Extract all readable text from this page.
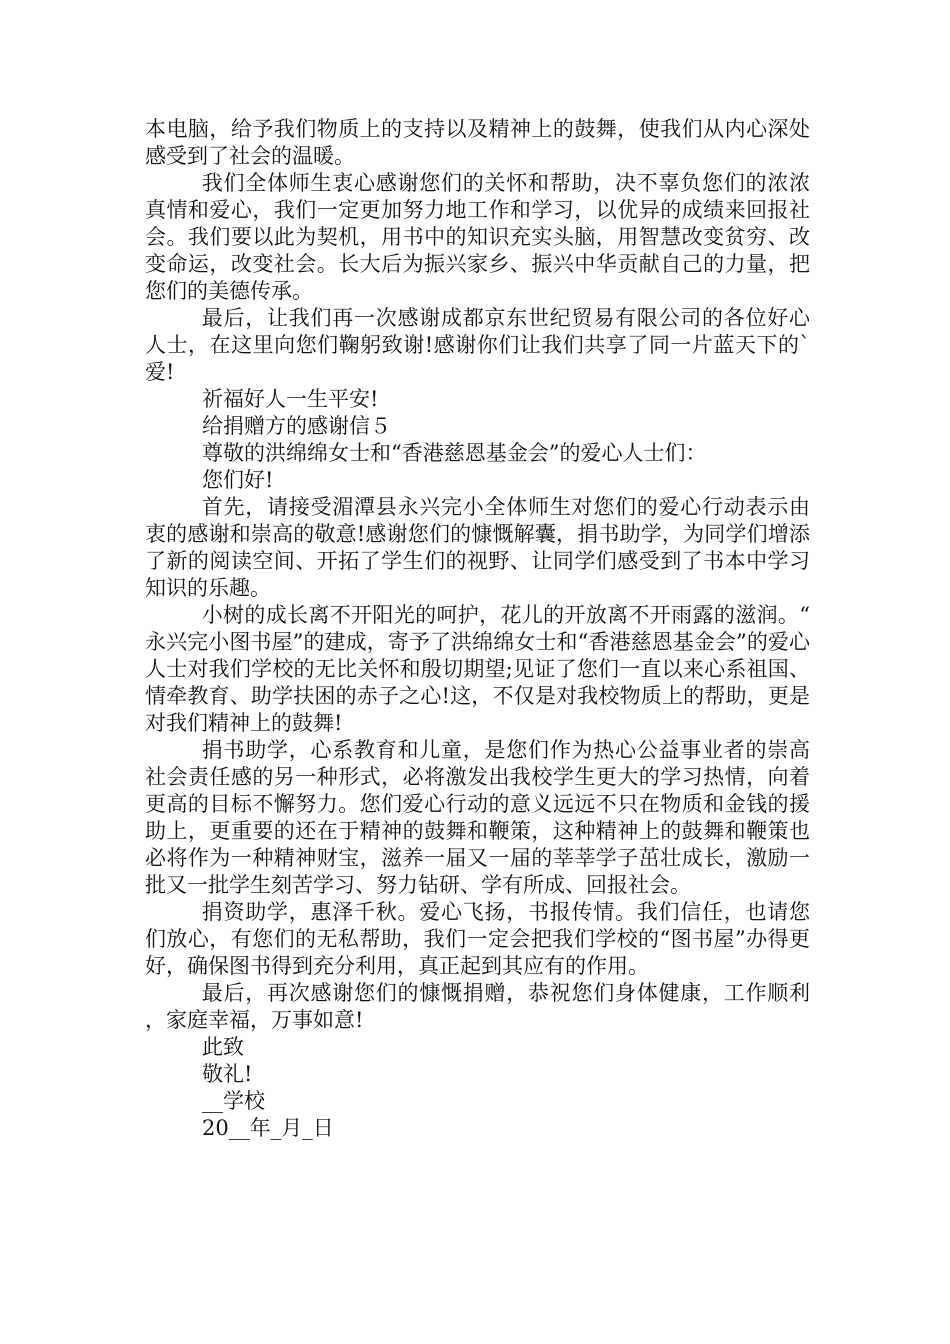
本电脑，给予我们物质上的支持以及精神上的鼓舞，使我们从内心深处感受到了社会的温暖。

我们全体师生衷心感谢您们的关怀和帮助，决不辜负您们的浓浓真情和爱心，我们一定更加努力地工作和学习，以优异的成绩来回报社会。我们要以此为契机，用书中的知识充实头脑，用智慧改变贫穷、改变命运，改变社会。长大后为振兴家乡、振兴中华贡献自己的力量，把您们的美德传承。

最后，让我们再一次感谢成都京东世纪贸易有限公司的各位好心人士，在这里向您们鞠躬致谢!感谢你们让我们共享了同一片蓝天下的`爱!

祈福好人一生平安!

给捐赠方的感谢信５

尊敬的洪绵绵女士和“香港慈恩基金会”的爱心人士们：

您们好!

首先，请接受湄潭县永兴完小全体师生对您们的爱心行动表示由衷的感谢和崇高的敬意!感谢您们的慷慨解囊，捐书助学，为同学们增添了新的阅读空间、开拓了学生们的视野、让同学们感受到了书本中学习知识的乐趣。

小树的成长离不开阳光的呵护，花儿的开放离不开雨露的滋润。“永兴完小图书屋”的建成，寄予了洪绵绵女士和“香港慈恩基金会”的爱心人士对我们学校的无比关怀和殷切期望;见证了您们一直以来心系祖国、情牵教育、助学扶困的赤子之心!这，不仅是对我校物质上的帮助，更是对我们精神上的鼓舞!

捐书助学，心系教育和儿童，是您们作为热心公益事业者的崇高社会责任感的另一种形式，必将激发出我校学生更大的学习热情，向着更高的目标不懈努力。您们爱心行动的意义远远不只在物质和金钱的援助上，更重要的还在于精神的鼓舞和鞭策，这种精神上的鼓舞和鞭策也必将作为一种精神财宝，滋养一届又一届的莘莘学子茁壮成长，激励一批又一批学生刻苦学习、努力钻研、学有所成、回报社会。

捐资助学，惠泽千秋。爱心飞扬，书报传情。我们信任，也请您们放心，有您们的无私帮助，我们一定会把我们学校的“图书屋”办得更好，确保图书得到充分利用，真正起到其应有的作用。

最后，再次感谢您们的慷慨捐赠，恭祝您们身体健康，工作顺利，家庭幸福，万事如意!

此致

敬礼!

__学校

20__年_月_日
